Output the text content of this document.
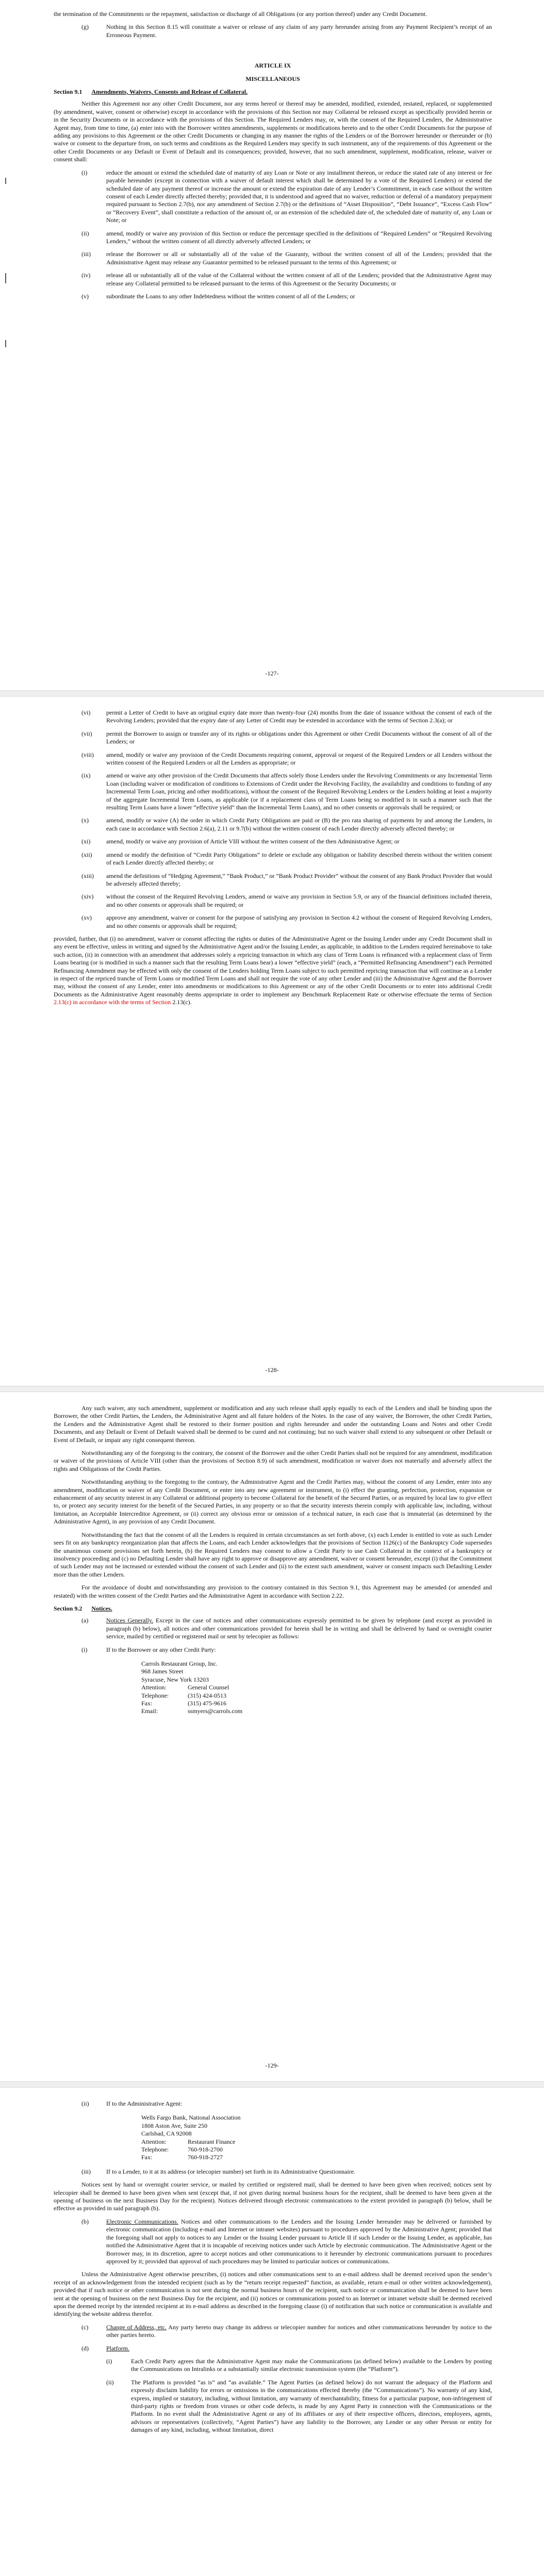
the termination of the Commitments or the repayment, satisfaction or discharge of all Obligations (or any portion thereof) under any Credit Document.

(g)	Nothing in this Section 8.15 will constitute a waiver or release of any claim of any party hereunder arising from any Payment Recipient’s receipt of an Erroneous Payment.

ARTICLE IX

MISCELLANEOUS

Section 9.1 Amendments, Waivers, Consents and Release of Collateral.

Neither this Agreement nor any other Credit Document, nor any terms hereof or thereof may be amended, modified, extended, restated, replaced, or supplemented (by amendment, waiver, consent or otherwise) except in accordance with the provisions of this Section nor may Collateral be released except as specifically provided herein or in the Security Documents or in accordance with the provisions of this Section. The Required Lenders may, or, with the consent of the Required Lenders, the Administrative Agent may, from time to time, (a) enter into with the Borrower written amendments, supplements or modifications hereto and to the other Credit Documents for the purpose of adding any provisions to this Agreement or the other Credit Documents or changing in any manner the rights of the Lenders or of the Borrower hereunder or thereunder or (b) waive or consent to the departure from, on such terms and conditions as the Required Lenders may specify in such instrument, any of the requirements of this Agreement or the other Credit Documents or any Default or Event of Default and its consequences; provided, however, that no such amendment, supplement, modification, release, waiver or consent shall:

(i)	reduce the amount or extend the scheduled date of maturity of any Loan or Note or any installment thereon, or reduce the stated rate of any interest or fee payable hereunder (except in connection with a waiver of default interest which shall be determined by a vote of the Required Lenders) or extend the scheduled date of any payment thereof or increase the amount or extend the expiration date of any Lender’s Commitment, in each case without the written consent of each Lender directly affected thereby; provided that, it is understood and agreed that no waiver, reduction or deferral of a mandatory prepayment required pursuant to Section 2.7(b), nor any amendment of Section 2.7(b) or the definitions of “Asset Disposition”, “Debt Issuance”, “Excess Cash Flow” or “Recovery Event”, shall constitute a reduction of the amount of, or an extension of the scheduled date of, the scheduled date of maturity of, any Loan or Note; or
(ii)	amend, modify or waive any provision of this Section or reduce the percentage specified in the definitions of “Required Lenders” or “Required Revolving Lenders,” without the written consent of all directly adversely affected Lenders; or
(iii)	release the Borrower or all or substantially all of the value of the Guaranty, without the written consent of all of the Lenders; provided that the Administrative Agent may release any Guarantor permitted to be released pursuant to the terms of this Agreement; or
(iv)	release all or substantially all of the value of the Collateral without the written consent of all of the Lenders; provided that the Administrative Agent may release any Collateral permitted to be released pursuant to the terms of this Agreement or the Security Documents; or
(v)	subordinate the Loans to any other Indebtedness without the written consent of all of the Lenders; or
-127-
(vi)	permit a Letter of Credit to have an original expiry date more than twenty-four (24) months from the date of issuance without the consent of each of the Revolving Lenders; provided that the expiry date of any Letter of Credit may be extended in accordance with the terms of Section 2.3(a); or
(vii)	permit the Borrower to assign or transfer any of its rights or obligations under this Agreement or other Credit Documents without the consent of all of the Lenders; or
(viii)	amend, modify or waive any provision of the Credit Documents requiring consent, approval or request of the Required Lenders or all Lenders without the written consent of the Required Lenders or all the Lenders as appropriate; or
(ix)	amend or waive any other provision of the Credit Documents that affects solely those Lenders under the Revolving Commitments or any Incremental Term Loan (including waiver or modification of conditions to Extensions of Credit under the Revolving Facility, the availability and conditions to funding of any Incremental Term Loan, pricing and other modifications), without the consent of the Required Revolving Lenders or the Lenders holding at least a majority of the aggregate Incremental Term Loans, as applicable (or if a replacement class of Term Loans being so modified is in such a manner such that the resulting Term Loans have a lower “effective yield” than the Incremental Term Loans), and no other consents or approvals shall be required; or
(x)	amend, modify or waive (A) the order in which Credit Party Obligations are paid or (B) the pro rata sharing of payments by and among the Lenders, in each case in accordance with Section 2.6(a), 2.11 or 9.7(b) without the written consent of each Lender directly adversely affected thereby; or
(xi)	amend, modify or waive any provision of Article VIII without the written consent of the then Administrative Agent; or
(xii)	amend or modify the definition of “Credit Party Obligations” to delete or exclude any obligation or liability described therein without the written consent of each Lender directly affected thereby; or
(xiii)	amend the definitions of “Hedging Agreement,” “Bank Product,” or “Bank Product Provider” without the consent of any Bank Product Provider that would be adversely affected thereby;
(xiv)	without the consent of the Required Revolving Lenders, amend or waive any provision in Section 5.9, or any of the financial definitions included therein, and no other consents or approvals shall be required; or
(xv)	approve any amendment, waiver or consent for the purpose of satisfying any provision in Section 4.2 without the consent of Required Revolving Lenders, and no other consents or approvals shall be required;

provided, further, that (i) no amendment, waiver or consent affecting the rights or duties of the Administrative Agent or the Issuing Lender under any Credit Document shall in any event be effective, unless in writing and signed by the Administrative Agent and/or the Issuing Lender, as applicable, in addition to the Lenders required hereinabove to take such action, (ii) in connection with an amendment that addresses solely a repricing transaction in which any class of Term Loans is refinanced with a replacement class of Term Loans bearing (or is modified in such a manner such that the resulting Term Loans bear) a lower “effective yield” (each, a “Permitted Refinancing Amendment”) each Permitted Refinancing Amendment may be effected with only the consent of the Lenders holding Term Loans subject to such permitted repricing transaction that will continue as a Lender in respect of the repriced tranche of Term Loans or modified Term Loans and shall not require the vote of any other Lender and (iii) the Administrative Agent and the Borrower may, without the consent of any Lender, enter into amendments or modifications to this Agreement or any of the other Credit Documents or to enter into additional Credit Documents as the Administrative Agent reasonably deems appropriate in order to implement any Benchmark Replacement Rate or otherwise effectuate the terms of Section 2.13(c) in accordance with the terms of Section 2.13(c).

-128-

Any such waiver, any such amendment, supplement or modification and any such release shall apply equally to each of the Lenders and shall be binding upon the Borrower, the other Credit Parties, the Lenders, the Administrative Agent and all future holders of the Notes. In the case of any waiver, the Borrower, the other Credit Parties, the Lenders and the Administrative Agent shall be restored to their former position and rights hereunder and under the outstanding Loans and Notes and other Credit Documents, and any Default or Event of Default waived shall be deemed to be cured and not continuing; but no such waiver shall extend to any subsequent or other Default or Event of Default, or impair any right consequent thereon.

Notwithstanding any of the foregoing to the contrary, the consent of the Borrower and the other Credit Parties shall not be required for any amendment, modification or waiver of the provisions of Article VIII (other than the provisions of Section 8.9) of such amendment, modification or waiver does not materially and adversely affect the rights and Obligations of the Credit Parties.

Notwithstanding anything to the foregoing to the contrary, the Administrative Agent and the Credit Parties may, without the consent of any Lender, enter into any amendment, modification or waiver of any Credit Document, or enter into any new agreement or instrument, to (i) effect the granting, perfection, protection, expansion or enhancement of any security interest in any Collateral or additional property to become Collateral for the benefit of the Secured Parties, or as required by local law to give effect to, or protect any security interest for the benefit of the Secured Parties, in any property or so that the security interests therein comply with applicable law, including, without limitation, an Acceptable Intercreditor Agreement, or (ii) correct any obvious error or omission of a technical nature, in each case that is immaterial (as determined by the Administrative Agent), in any provision of any Credit Document.

Notwithstanding the fact that the consent of all the Lenders is required in certain circumstances as set forth above, (x) each Lender is entitled to vote as such Lender sees fit on any bankruptcy reorganization plan that affects the Loans, and each Lender acknowledges that the provisions of Section 1126(c) of the Bankruptcy Code supersedes the unanimous consent provisions set forth herein, (b) the Required Lenders may consent to allow a Credit Party to use Cash Collateral in the context of a bankruptcy or insolvency proceeding and (c) no Defaulting Lender shall have any right to approve or disapprove any amendment, waiver or consent hereunder, except (i) that the Commitment of such Lender may not be increased or extended without the consent of such Lender and (ii) to the extent such amendment, waiver or consent impacts such Defaulting Lender more than the other Lenders.

For the avoidance of doubt and notwithstanding any provision to the contrary contained in this Section 9.1, this Agreement may be amended (or amended and restated) with the written consent of the Credit Parties and the Administrative Agent in accordance with Section 2.22.

Section 9.2 Notices.

(a)	Notices Generally. Except in the case of notices and other communications expressly permitted to be given by telephone (and except as provided in paragraph (b) below), all notices and other communications provided for herein shall be in writing and shall be delivered by hand or overnight courier service, mailed by certified or registered mail or sent by telecopier as follows:
(i)	If to the Borrower or any other Credit Party:
Carrols Restaurant Group, Inc.
968 James Street
Syracuse, New York 13203
Attention:	General Counsel
Telephone:	(315) 424-0513
Fax:	(315) 475-9616
Email:	ssmyers@carrols.com
-129-
(ii)	If to the Administrative Agent:
Wells Fargo Bank, National Association
1808 Aston Ave, Suite 250
Carlsbad, CA 92008
Attention:	Restaurant Finance
Telephone:	760-918-2700
Fax:	760-918-2727
(iii)	If to a Lender, to it at its address (or telecopier number) set forth in its Administrative Questionnaire.

Notices sent by hand or overnight courier service, or mailed by certified or registered mail, shall be deemed to have been given when received; notices sent by telecopier shall be deemed to have been given when sent (except that, if not given during normal business hours for the recipient, shall be deemed to have been given at the opening of business on the next Business Day for the recipient). Notices delivered through electronic communications to the extent provided in paragraph (b) below, shall be effective as provided in said paragraph (b).

(b)	Electronic Communications. Notices and other communications to the Lenders and the Issuing Lender hereunder may be delivered or furnished by electronic communication (including e-mail and Internet or intranet websites) pursuant to procedures approved by the Administrative Agent; provided that the foregoing shall not apply to notices to any Lender or the Issuing Lender pursuant to Article II if such Lender or the Issuing Lender, as applicable, has notified the Administrative Agent that it is incapable of receiving notices under such Article by electronic communication. The Administrative Agent or the Borrower may, in its discretion, agree to accept notices and other communications to it hereunder by electronic communications pursuant to procedures approved by it; provided that approval of such procedures may be limited to particular notices or communications.

Unless the Administrative Agent otherwise prescribes, (i) notices and other communications sent to an e-mail address shall be deemed received upon the sender’s receipt of an acknowledgement from the intended recipient (such as by the “return receipt requested” function, as available, return e-mail or other written acknowledgement), provided that if such notice or other communication is not sent during the normal business hours of the recipient, such notice or communication shall be deemed to have been sent at the opening of business on the next Business Day for the recipient, and (ii) notices or communications posted to an Internet or intranet website shall be deemed received upon the deemed receipt by the intended recipient at its e-mail address as described in the foregoing clause (i) of notification that such notice or communication is available and identifying the website address therefor.

(c)	Change of Address, etc. Any party hereto may change its address or telecopier number for notices and other communications hereunder by notice to the other parties hereto.
(d)	Platform.
(i)	Each Credit Party agrees that the Administrative Agent may make the Communications (as defined below) available to the Lenders by posting the Communications on Intralinks or a substantially similar electronic transmission system (the “Platform”).
(ii)	The Platform is provided “as is” and “as available.” The Agent Parties (as defined below) do not warrant the adequacy of the Platform and expressly disclaim liability for errors or omissions in the communications effected thereby (the “Communications”). No warranty of any kind, express, implied or statutory, including, without limitation, any warranty of merchantability, fitness for a particular purpose, non-infringement of third-party rights or freedom from viruses or other code defects, is made by any Agent Party in connection with the Communications or the Platform. In no event shall the Administrative Agent or any of its affiliates or any of their respective officers, directors, employees, agents, advisors or representatives (collectively, “Agent Parties”) have any liability to the Borrower, any Lender or any other Person or entity for damages of any kind, including, without limitation, direct
